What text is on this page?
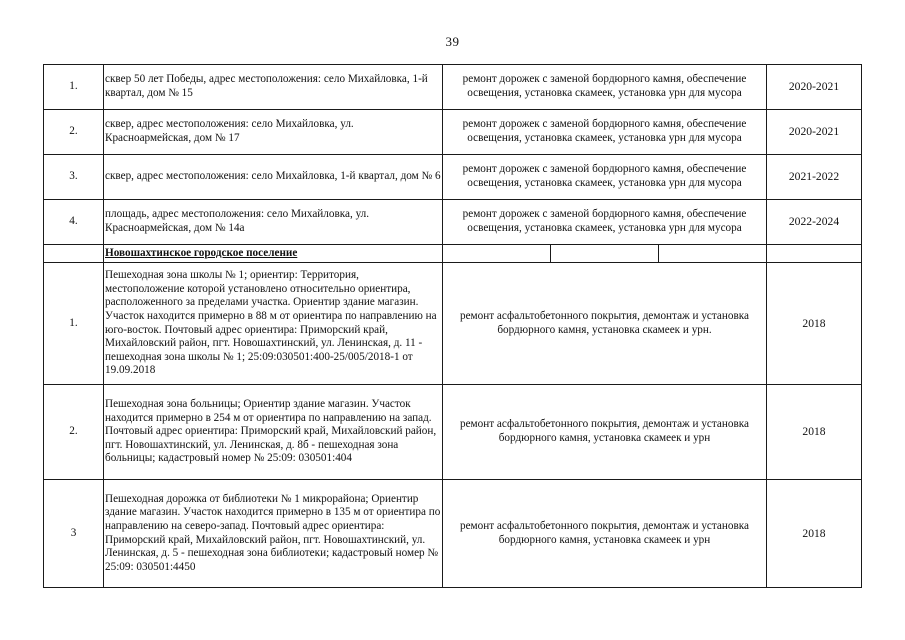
39
1.	сквер 50 лет Победы, адрес местоположения: село Михайловка, 1-й квартал, дом № 15	ремонт дорожек с заменой бордюрного камня, обеспечение освещения, установка скамеек, установка урн для мусора	2020-2021
2.	сквер, адрес местоположения: село Михайловка, ул. Красноармейская, дом № 17	ремонт дорожек с заменой бордюрного камня, обеспечение освещения, установка скамеек, установка урн для мусора	2020-2021
3.	сквер, адрес местоположения: село Михайловка, 1-й квартал, дом № 6	ремонт дорожек с заменой бордюрного камня, обеспечение освещения, установка скамеек, установка урн для мусора	2021-2022
4.	площадь, адрес местоположения: село Михайловка, ул. Красноармейская, дом № 14а	ремонт дорожек с заменой бордюрного камня, обеспечение освещения, установка скамеек, установка урн для мусора	2022-2024
	Новошахтинское городское поселение	

1.	Пешеходная зона школы № 1; ориентир: Территория, местоположение которой установлено относительно ориентира, расположенного за пределами участка. Ориентир здание магазин. Участок находится примерно в 88 м от ориентира по направлению на юго-восток. Почтовый адрес ориентира: Приморский край, Михайловский район, пгт. Новошахтинский, ул. Ленинская, д. 11 - пешеходная зона школы № 1; 25:09:030501:400-25/005/2018-1 от 19.09.2018	ремонт асфальтобетонного покрытия, демонтаж и установка бордюрного камня, установка скамеек и урн.	2018
2.	Пешеходная зона больницы; Ориентир здание магазин. Участок находится примерно в 254 м от ориентира по направлению на запад. Почтовый адрес ориентира: Приморский край, Михайловский район, пгт. Новошахтинский, ул. Ленинская, д. 8б - пешеходная зона больницы; кадастровый номер № 25:09: 030501:404	ремонт асфальтобетонного покрытия, демонтаж и установка бордюрного камня, установка скамеек и урн	2018
3	Пешеходная дорожка от библиотеки № 1 микрорайона; Ориентир здание магазин. Участок находится примерно в 135 м от ориентира по направлению на северо-запад. Почтовый адрес ориентира: Приморский край, Михайловский район, пгт. Новошахтинский, ул. Ленинская, д. 5 - пешеходная зона библиотеки; кадастровый номер № 25:09: 030501:4450	ремонт асфальтобетонного покрытия, демонтаж и установка бордюрного камня, установка скамеек и урн	2018
